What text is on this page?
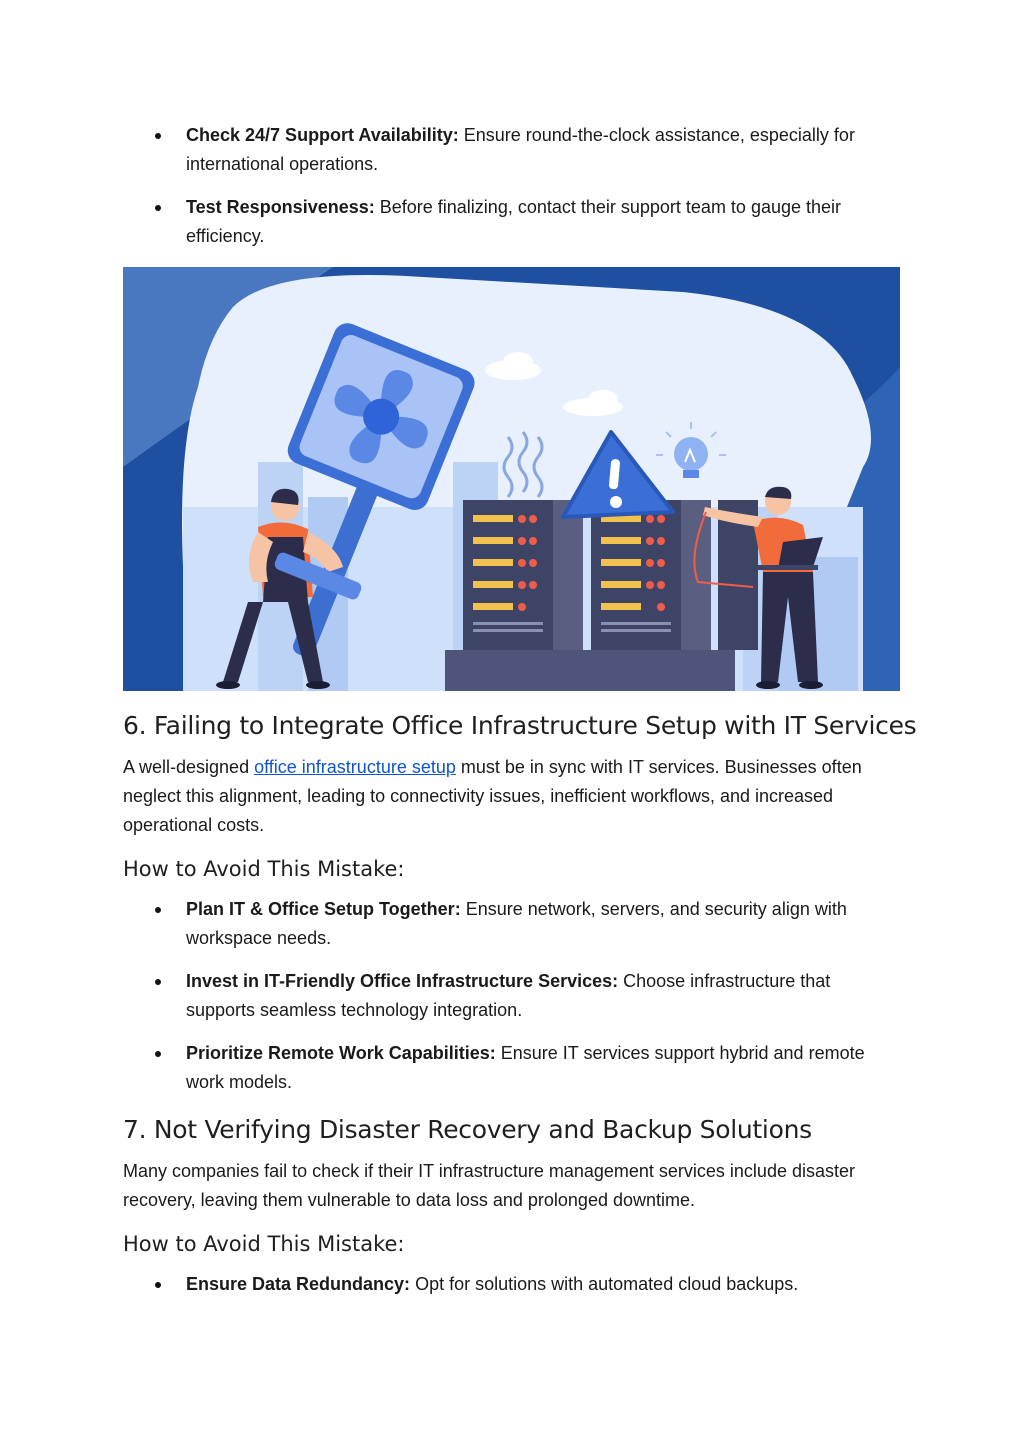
Check 24/7 Support Availability: Ensure round-the-clock assistance, especially for international operations.
Test Responsiveness: Before finalizing, contact their support team to gauge their efficiency.
6. Failing to Integrate Office Infrastructure Setup with IT Services

A well-designed office infrastructure setup must be in sync with IT services. Businesses often neglect this alignment, leading to connectivity issues, inefficient workflows, and increased operational costs.

How to Avoid This Mistake:
Plan IT & Office Setup Together: Ensure network, servers, and security align with workspace needs.
Invest in IT-Friendly Office Infrastructure Services: Choose infrastructure that supports seamless technology integration.
Prioritize Remote Work Capabilities: Ensure IT services support hybrid and remote work models.
7. Not Verifying Disaster Recovery and Backup Solutions

Many companies fail to check if their IT infrastructure management services include disaster recovery, leaving them vulnerable to data loss and prolonged downtime.

How to Avoid This Mistake:
Ensure Data Redundancy: Opt for solutions with automated cloud backups.
